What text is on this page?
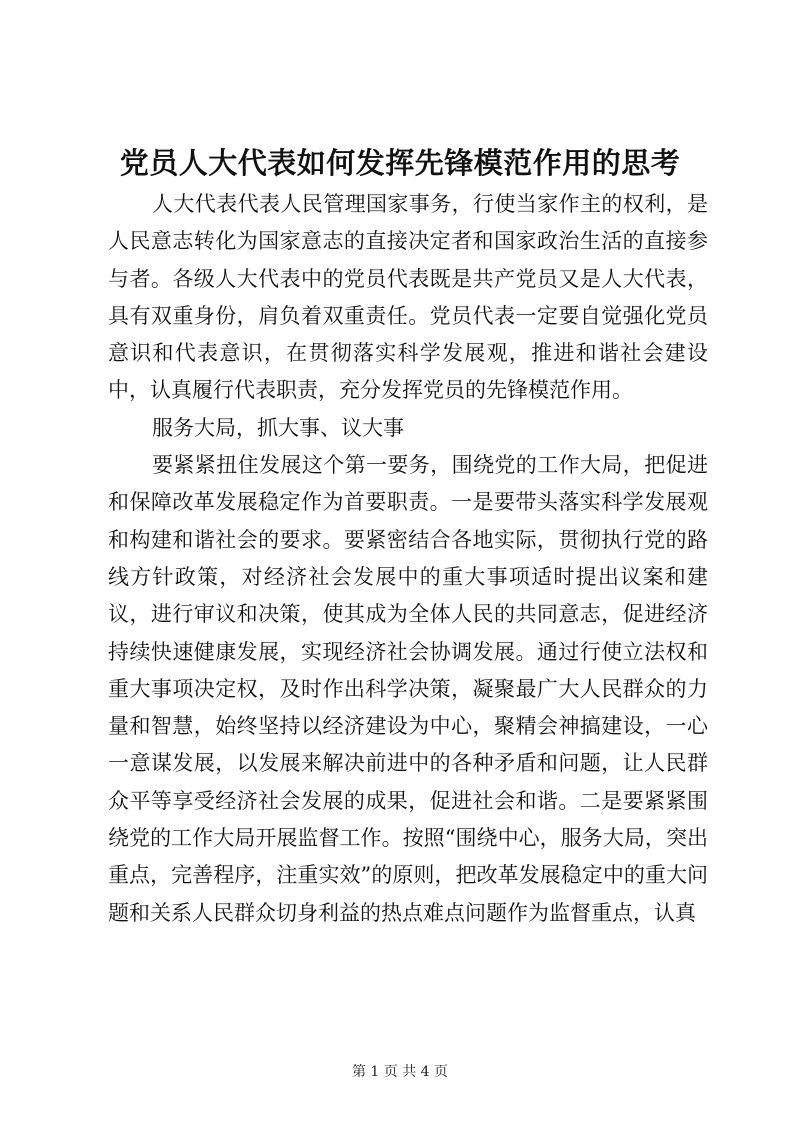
党员人大代表如何发挥先锋模范作用的思考

人大代表代表人民管理国家事务，行使当家作主的权利，是人民意志转化为国家意志的直接决定者和国家政治生活的直接参与者。各级人大代表中的党员代表既是共产党员又是人大代表，具有双重身份，肩负着双重责任。党员代表一定要自觉强化党员意识和代表意识，在贯彻落实科学发展观，推进和谐社会建设中，认真履行代表职责，充分发挥党员的先锋模范作用。

服务大局，抓大事、议大事

要紧紧扭住发展这个第一要务，围绕党的工作大局，把促进和保障改革发展稳定作为首要职责。一是要带头落实科学发展观和构建和谐社会的要求。要紧密结合各地实际，贯彻执行党的路线方针政策，对经济社会发展中的重大事项适时提出议案和建议，进行审议和决策，使其成为全体人民的共同意志，促进经济持续快速健康发展，实现经济社会协调发展。通过行使立法权和重大事项决定权，及时作出科学决策，凝聚最广大人民群众的力量和智慧，始终坚持以经济建设为中心，聚精会神搞建设，一心一意谋发展，以发展来解决前进中的各种矛盾和问题，让人民群众平等享受经济社会发展的成果，促进社会和谐。二是要紧紧围绕党的工作大局开展监督工作。按照“围绕中心，服务大局，突出重点，完善程序，注重实效”的原则，把改革发展稳定中的重大问题和关系人民群众切身利益的热点难点问题作为监督重点，认真

第 1 页 共 4 页
